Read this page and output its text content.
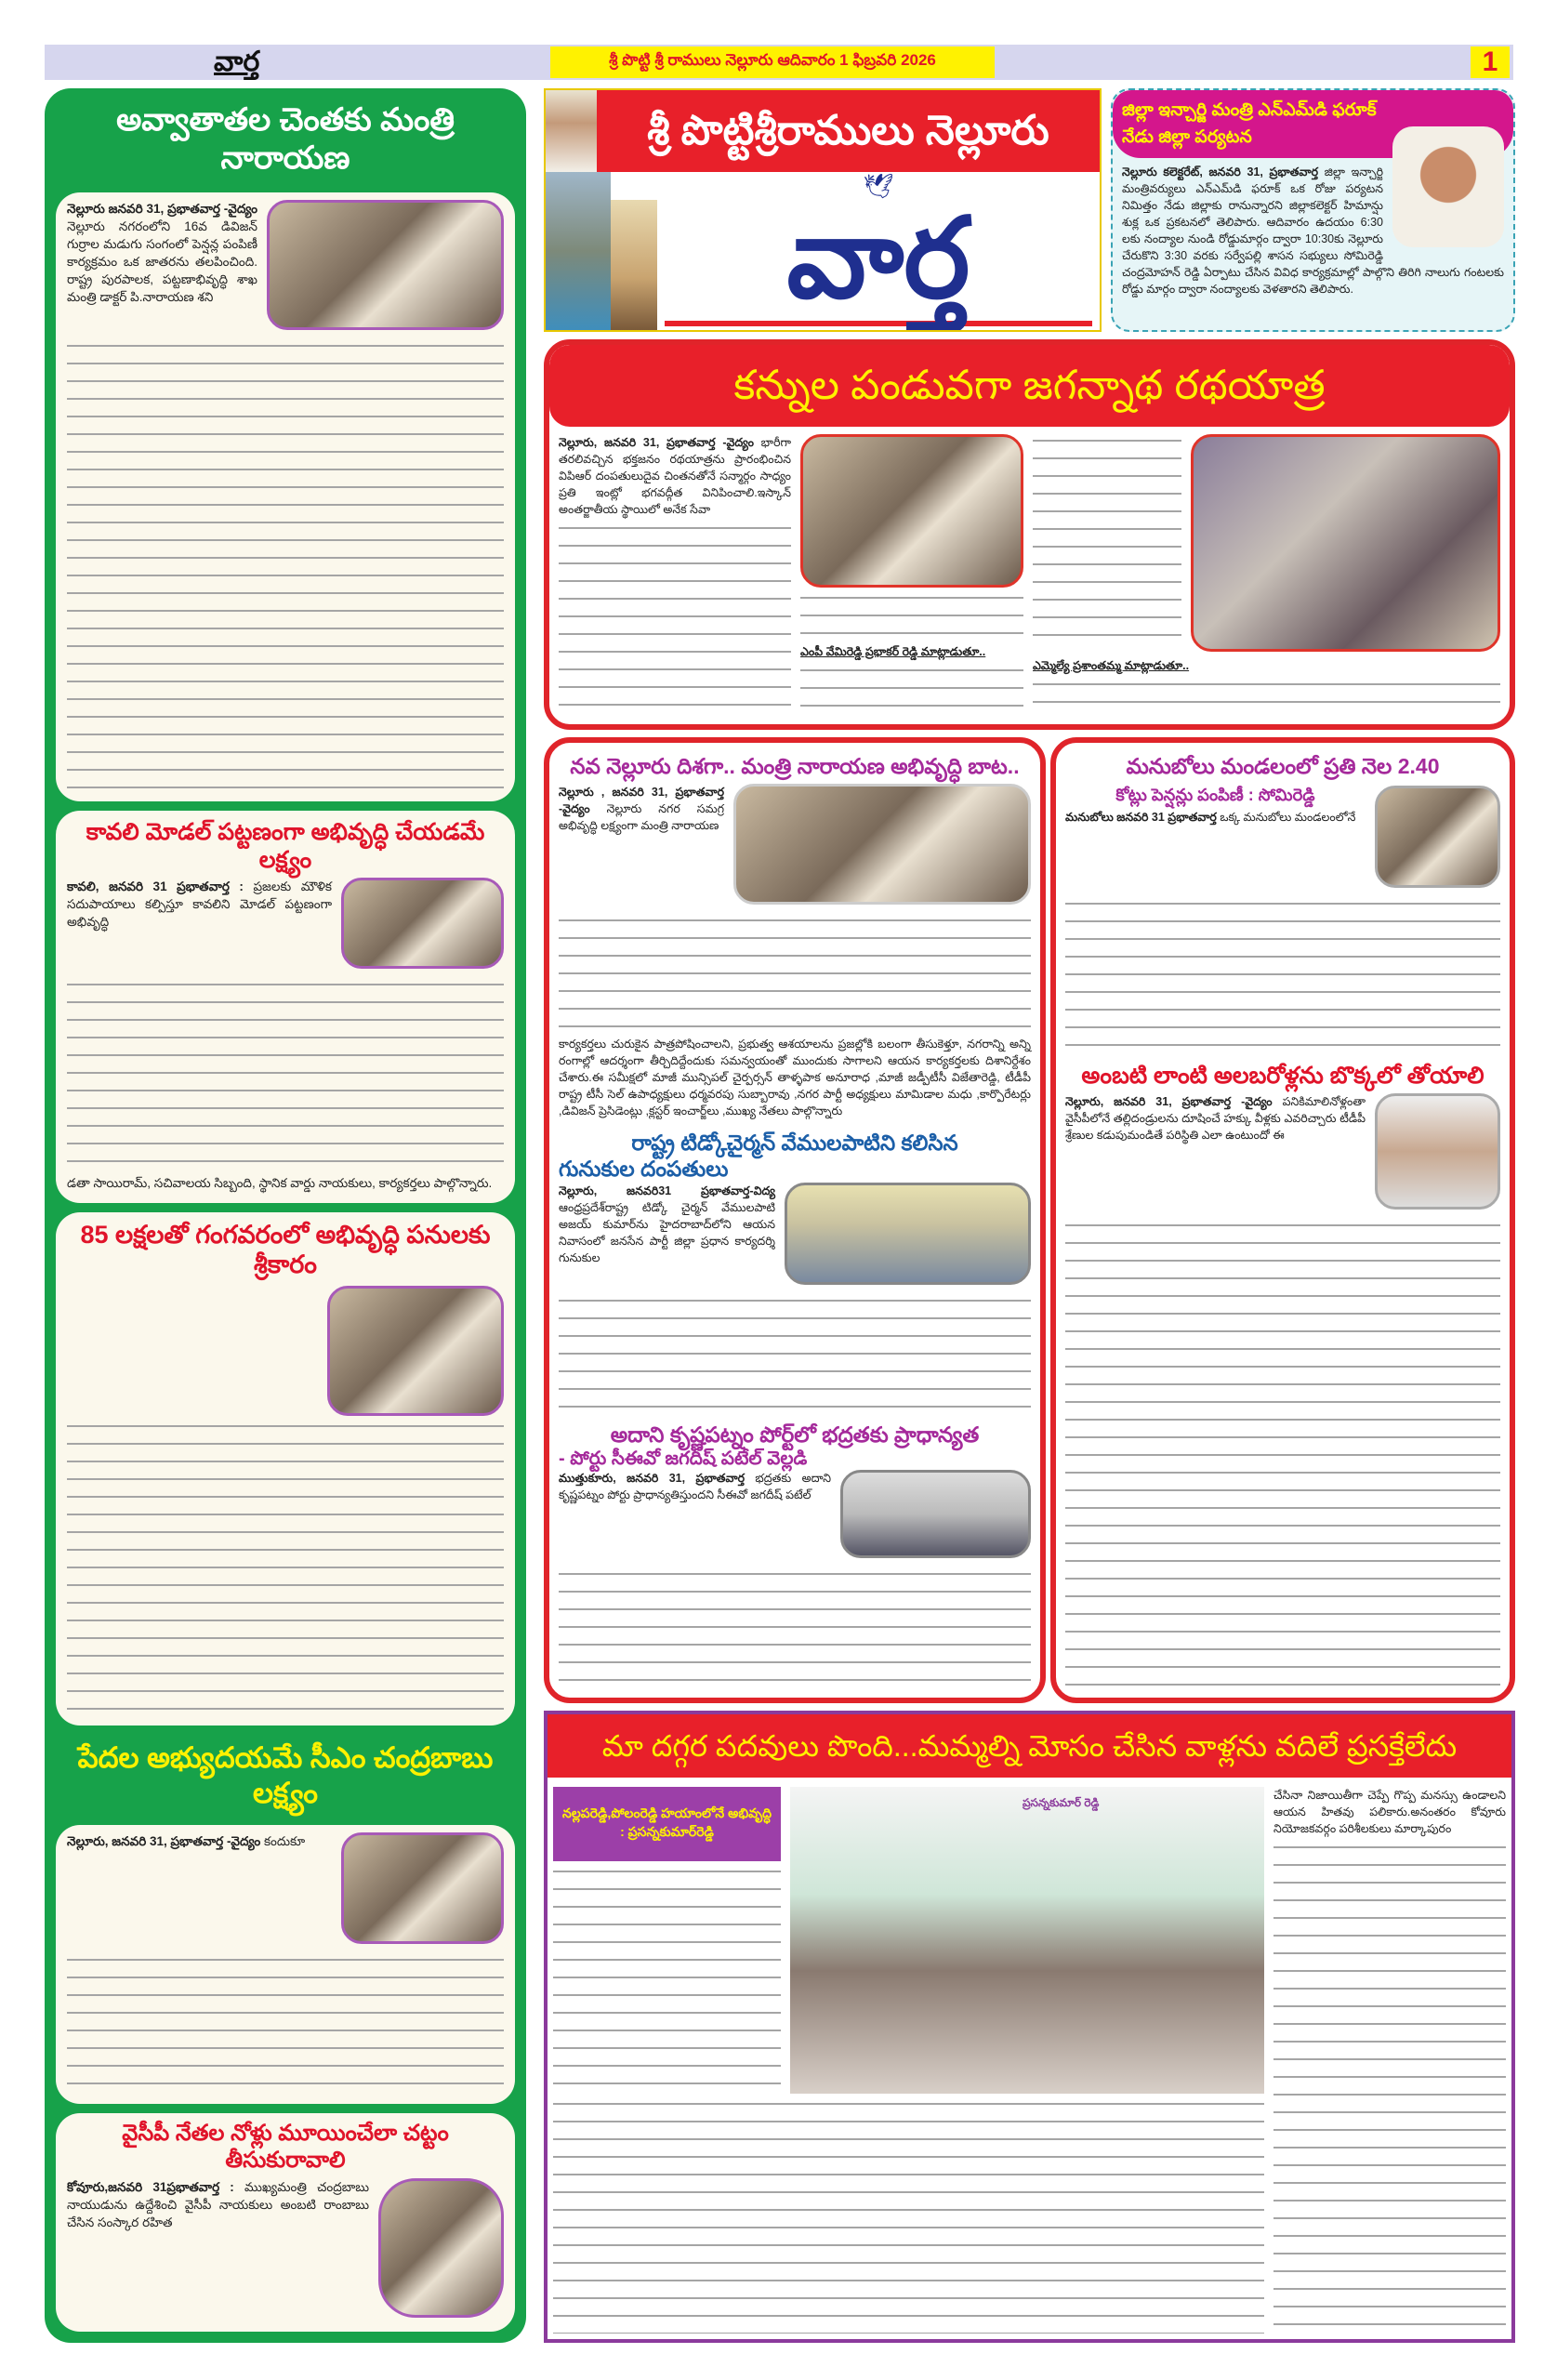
వార్త	శ్రీ పొట్టి శ్రీ రాములు నెల్లూరు ఆదివారం 1 ఫిబ్రవరి 2026	1
అవ్వాతాతల చెంతకు మంత్రి నారాయణ
నెల్లూరు జనవరి 31, ప్రభాతవార్త -వైద్యం నెల్లూరు నగరంలోని 16వ డివిజన్ గుర్రాల మడుగు సంగంలో పెన్షన్ల పంపిణీ కార్యక్రమం ఒక జాతరను తలపించింది. రాష్ట్ర పురపాలక, పట్టణాభివృద్ధి శాఖ మంత్రి డాక్టర్ పి.నారాయణ శని
కావలి మోడల్ పట్టణంగా అభివృద్ధి చేయడమే లక్ష్యం
కావలి, జనవరి 31 ప్రభాతవార్త : ప్రజలకు మౌళిక సదుపాయాలు కల్పిస్తూ కావలిని మోడల్ పట్టణంగా అభివృద్ధి
డతా సాయిరామ్, సచివాలయ సిబ్బంది, స్థానిక వార్డు నాయకులు, కార్యకర్తలు పాల్గొన్నారు.
85 లక్షలతో గంగవరంలో అభివృద్ధి పనులకు శ్రీకారం
పేదల అభ్యుదయమే సీఎం చంద్రబాబు లక్ష్యం
నెల్లూరు, జనవరి 31, ప్రభాతవార్త -వైద్యం కందుకూ
వైసీపీ నేతల నోళ్లు మూయించేలా చట్టం తీసుకురావాలి
కోవూరు,జనవరి 31ప్రభాతవార్త : ముఖ్యమంత్రి చంద్రబాబు నాయుడును ఉద్దేశించి వైసీపీ నాయకులు అంబటి రాంబాబు చేసిన సంస్కార రహిత
శ్రీ పొట్టిశ్రీరాములు నెల్లూరు
🕊
వార్త
జిల్లా ఇన్చార్జి మంత్రి ఎన్ఎమ్‌డి ఫరూక్
నేడు జిల్లా పర్యటన
నెల్లూరు కలెక్టరేట్, జనవరి 31, ప్రభాతవార్త జిల్లా ఇన్చార్జి మంత్రివర్యులు ఎన్ఎమ్‌డి ఫరూక్ ఒక రోజు పర్యటన నిమిత్తం నేడు జిల్లాకు రానున్నారని జిల్లాకలెక్టర్ హిమాన్షు శుక్ల ఒక ప్రకటనలో తెలిపారు. ఆదివారం ఉదయం 6:30 లకు నంద్యాల నుండి రోడ్డుమార్గం ద్వారా 10:30కు నెల్లూరు చేరుకొని 3:30 వరకు సర్వేపల్లి శాసన సభ్యులు సోమిరెడ్డి చంద్రమోహన్ రెడ్డి ఏర్పాటు చేసిన వివిధ కార్యక్రమాల్లో పాల్గొని తిరిగి నాలుగు గంటలకు రోడ్డు మార్గం ద్వారా నంద్యాలకు వెళతారని తెలిపారు.
కన్నుల పండువగా జగన్నాథ రథయాత్ర
నెల్లూరు, జనవరి 31, ప్రభాతవార్త -వైద్యం భారీగా తరలివచ్చిన భక్తజనం రథయాత్రను ప్రారంభించిన విపిఆర్ దంపతులుదైవ చింతనతోనే సన్మార్గం సాధ్యం ప్రతి ఇంట్లో భగవద్గీత వినిపించాలి.ఇస్కాన్ అంతర్జాతీయ స్థాయిలో అనేక సేవా
ఎంపీ వేమిరెడ్డి ప్రభాకర్ రెడ్డి మాట్లాడుతూ..
ఎమ్మెల్యే ప్రశాంతమ్మ మాట్లాడుతూ..
నవ నెల్లూరు దిశగా.. మంత్రి నారాయణ అభివృద్ధి బాట..
నెల్లూరు , జనవరి 31, ప్రభాతవార్త -వైద్యం నెల్లూరు నగర సమగ్ర అభివృద్ధి లక్ష్యంగా మంత్రి నారాయణ
కార్యకర్తలు చురుకైన పాత్రపోషించాలని, ప్రభుత్వ ఆశయాలను ప్రజల్లోకి బలంగా తీసుకెళ్తూ, నగరాన్ని అన్ని రంగాల్లో ఆదర్శంగా తీర్చిదిద్దేందుకు సమన్వయంతో ముందుకు సాగాలని ఆయన కార్యకర్తలకు దిశానిర్దేశం చేశారు.ఈ సమీక్షలో మాజీ మున్సిపల్ చైర్పర్సన్ తాళ్ళపాక అనూరాధ ,మాజీ జడ్పీటీసీ విజేతారెడ్డి, టీడీపీ రాష్ట్ర టీసీ సెల్ ఉపాధ్యక్షులు ధర్మవరపు సుబ్బారావు ,నగర పార్టీ అధ్యక్షులు మామిడాల మధు ,కార్పొరేటర్లు ,డివిజన్ ప్రెసిడెంట్లు ,క్లస్టర్ ఇంచార్జ్‌లు ,ముఖ్య నేతలు పాల్గొన్నారు
రాష్ట్ర టిడ్కోచైర్మన్ వేములపాటిని కలిసిన
గునుకుల దంపతులు
నెల్లూరు, జనవరి31 ప్రభాతవార్త-విద్య ఆంధ్రప్రదేశ్‌రాష్ట్ర టిడ్కో చైర్మన్ వేములపాటి అజయ్ కుమార్‌ను హైదరాబాద్‌లోని ఆయన నివాసంలో జనసేన పార్టీ జిల్లా ప్రధాన కార్యదర్శి గునుకుల
అదాని కృష్ణపట్నం పోర్ట్‌లో భద్రతకు ప్రాధాన్యత
- పోర్టు సీఈవో జగదీష్ పటేల్ వెల్లడి
ముత్తుకూరు, జనవరి 31, ప్రభాతవార్త భద్రతకు అదాని కృష్ణపట్నం పోర్టు ప్రాధాన్యతిస్తుందని సీఈవో జగదీష్ పటేల్
మనుబోలు మండలంలో ప్రతి నెల 2.40
కోట్లు పెన్షన్లు పంపిణీ : సోమిరెడ్డి
మనుబోలు జనవరి 31 ప్రభాతవార్త ఒక్క మనుబోలు మండలంలోనే
అంబటి లాంటి అలబరోళ్లను బొక్కలో తోయాలి
నెల్లూరు, జనవరి 31, ప్రభాతవార్త -వైద్యం పనికిమాలినోళ్లంతా వైసీపీలోనే తల్లిదండ్రులను దూషించే హక్కు వీళ్లకు ఎవరిచ్చారు టీడీపీ శ్రేణుల కడుపుమండితే పరిస్థితి ఎలా ఉంటుందో ఈ
మా దగ్గర పదవులు పొంది...మమ్మల్ని మోసం చేసిన వాళ్లను వదిలే ప్రసక్తేలేదు
నల్లపరెడ్డి,పోలంరెడ్డి హయాంలోనే అభివృద్ధి : ప్రసన్నకుమార్‌రెడ్డి
ప్రసన్నకుమార్ రెడ్డి
చేసినా నిజాయితీగా చెప్పే గొప్ప మనస్సు ఉండాలని ఆయన హితవు పలికారు.అనంతరం కోవూరు నియోజకవర్గం పరిశీలకులు మార్కాపురం
